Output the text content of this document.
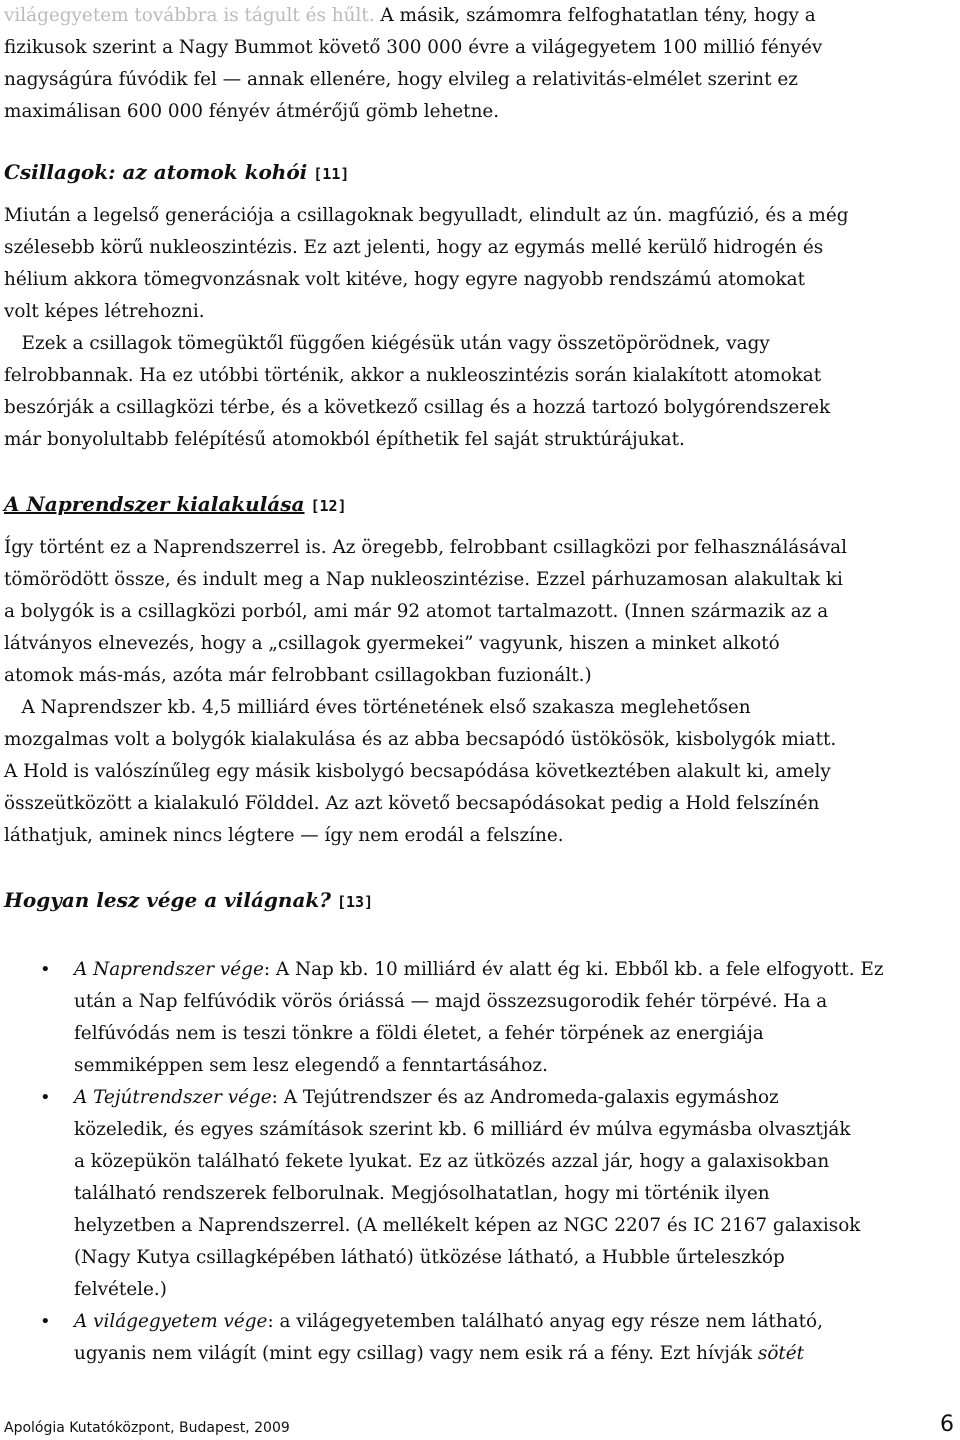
világegyetem továbbra is tágult és hűlt. A másik, számomra felfoghatatlan tény, hogy a
fizikusok szerint a Nagy Bummot követő 300 000 évre a világegyetem 100 millió fényév
nagyságúra fúvódik fel — annak ellenére, hogy elvileg a relativitás-elmélet szerint ez
maximálisan 600 000 fényév átmérőjű gömb lehetne.

Csillagok: az atomok kohói [11]

Miután a legelső generációja a csillagoknak begyulladt, elindult az ún. magfúzió, és a még
szélesebb körű nukleoszintézis. Ez azt jelenti, hogy az egymás mellé kerülő hidrogén és
hélium akkora tömegvonzásnak volt kitéve, hogy egyre nagyobb rendszámú atomokat
volt képes létrehozni.

Ezek a csillagok tömegüktől függően kiégésük után vagy összetöpörödnek, vagy
felrobbannak. Ha ez utóbbi történik, akkor a nukleoszintézis során kialakított atomokat
beszórják a csillagközi térbe, és a következő csillag és a hozzá tartozó bolygórendszerek
már bonyolultabb felépítésű atomokból építhetik fel saját struktúrájukat.

A Naprendszer kialakulása [12]

Így történt ez a Naprendszerrel is. Az öregebb, felrobbant csillagközi por felhasználásával
tömörödött össze, és indult meg a Nap nukleoszintézise. Ezzel párhuzamosan alakultak ki
a bolygók is a csillagközi porból, ami már 92 atomot tartalmazott. (Innen származik az a
látványos elnevezés, hogy a „csillagok gyermekei” vagyunk, hiszen a minket alkotó
atomok más-más, azóta már felrobbant csillagokban fuzionált.)

A Naprendszer kb. 4,5 milliárd éves történetének első szakasza meglehetősen
mozgalmas volt a bolygók kialakulása és az abba becsapódó üstökösök, kisbolygók miatt.
A Hold is valószínűleg egy másik kisbolygó becsapódása következtében alakult ki, amely
összeütközött a kialakuló Földdel. Az azt követő becsapódásokat pedig a Hold felszínén
láthatjuk, aminek nincs légtere — így nem erodál a felszíne.

Hogyan lesz vége a világnak? [13]
• A Naprendszer vége: A Nap kb. 10 milliárd év alatt ég ki. Ebből kb. a fele elfogyott. Ez
után a Nap felfúvódik vörös óriássá — majd összezsugorodik fehér törpévé. Ha a
felfúvódás nem is teszi tönkre a földi életet, a fehér törpének az energiája
semmiképpen sem lesz elegendő a fenntartásához.
• A Tejútrendszer vége: A Tejútrendszer és az Andromeda-galaxis egymáshoz
közeledik, és egyes számítások szerint kb. 6 milliárd év múlva egymásba olvasztják
a közepükön található fekete lyukat. Ez az ütközés azzal jár, hogy a galaxisokban
található rendszerek felborulnak. Megjósolhatatlan, hogy mi történik ilyen
helyzetben a Naprendszerrel. (A mellékelt képen az NGC 2207 és IC 2167 galaxisok
(Nagy Kutya csillagképében látható) ütközése látható, a Hubble űrteleszkóp
felvétele.)
• A világegyetem vége: a világegyetemben található anyag egy része nem látható,
ugyanis nem világít (mint egy csillag) vagy nem esik rá a fény. Ezt hívják sötét
Apológia Kutatóközpont, Budapest, 2009	6
